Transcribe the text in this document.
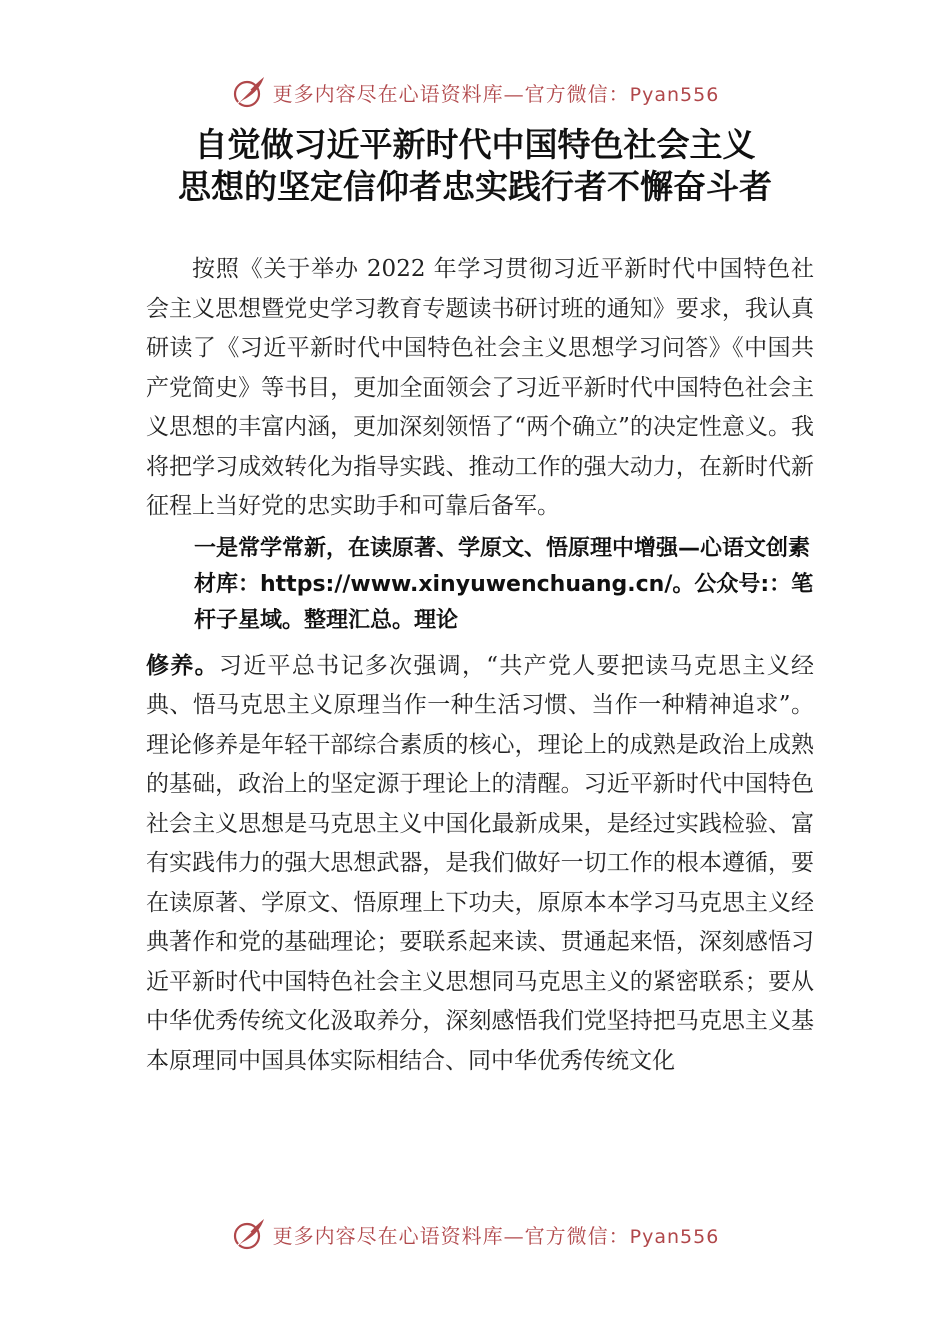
更多内容尽在心语资料库—官方微信：Pyan556
自觉做习近平新时代中国特色社会主义
思想的坚定信仰者忠实践行者不懈奋斗者

按照《关于举办 2022 年学习贯彻习近平新时代中国特色社会主义思想暨党史学习教育专题读书研讨班的通知》要求，我认真研读了《习近平新时代中国特色社会主义思想学习问答》《中国共产党简史》等书目，更加全面领会了习近平新时代中国特色社会主义思想的丰富内涵，更加深刻领悟了“两个确立”的决定性意义。我将把学习成效转化为指导实践、推动工作的强大动力，在新时代新征程上当好党的忠实助手和可靠后备军。

一是常学常新，在读原著、学原文、悟原理中增强—心语文创素材库：https://www.xinyuwenchuang.cn/。公众号:：笔杆子星域。整理汇总。理论

修养。习近平总书记多次强调，“共产党人要把读马克思主义经典、悟马克思主义原理当作一种生活习惯、当作一种精神追求”。理论修养是年轻干部综合素质的核心，理论上的成熟是政治上成熟的基础，政治上的坚定源于理论上的清醒。习近平新时代中国特色社会主义思想是马克思主义中国化最新成果，是经过实践检验、富有实践伟力的强大思想武器，是我们做好一切工作的根本遵循，要在读原著、学原文、悟原理上下功夫，原原本本学习马克思主义经典著作和党的基础理论；要联系起来读、贯通起来悟，深刻感悟习近平新时代中国特色社会主义思想同马克思主义的紧密联系；要从中华优秀传统文化汲取养分，深刻感悟我们党坚持把马克思主义基本原理同中国具体实际相结合、同中华优秀传统文化

更多内容尽在心语资料库—官方微信：Pyan556
